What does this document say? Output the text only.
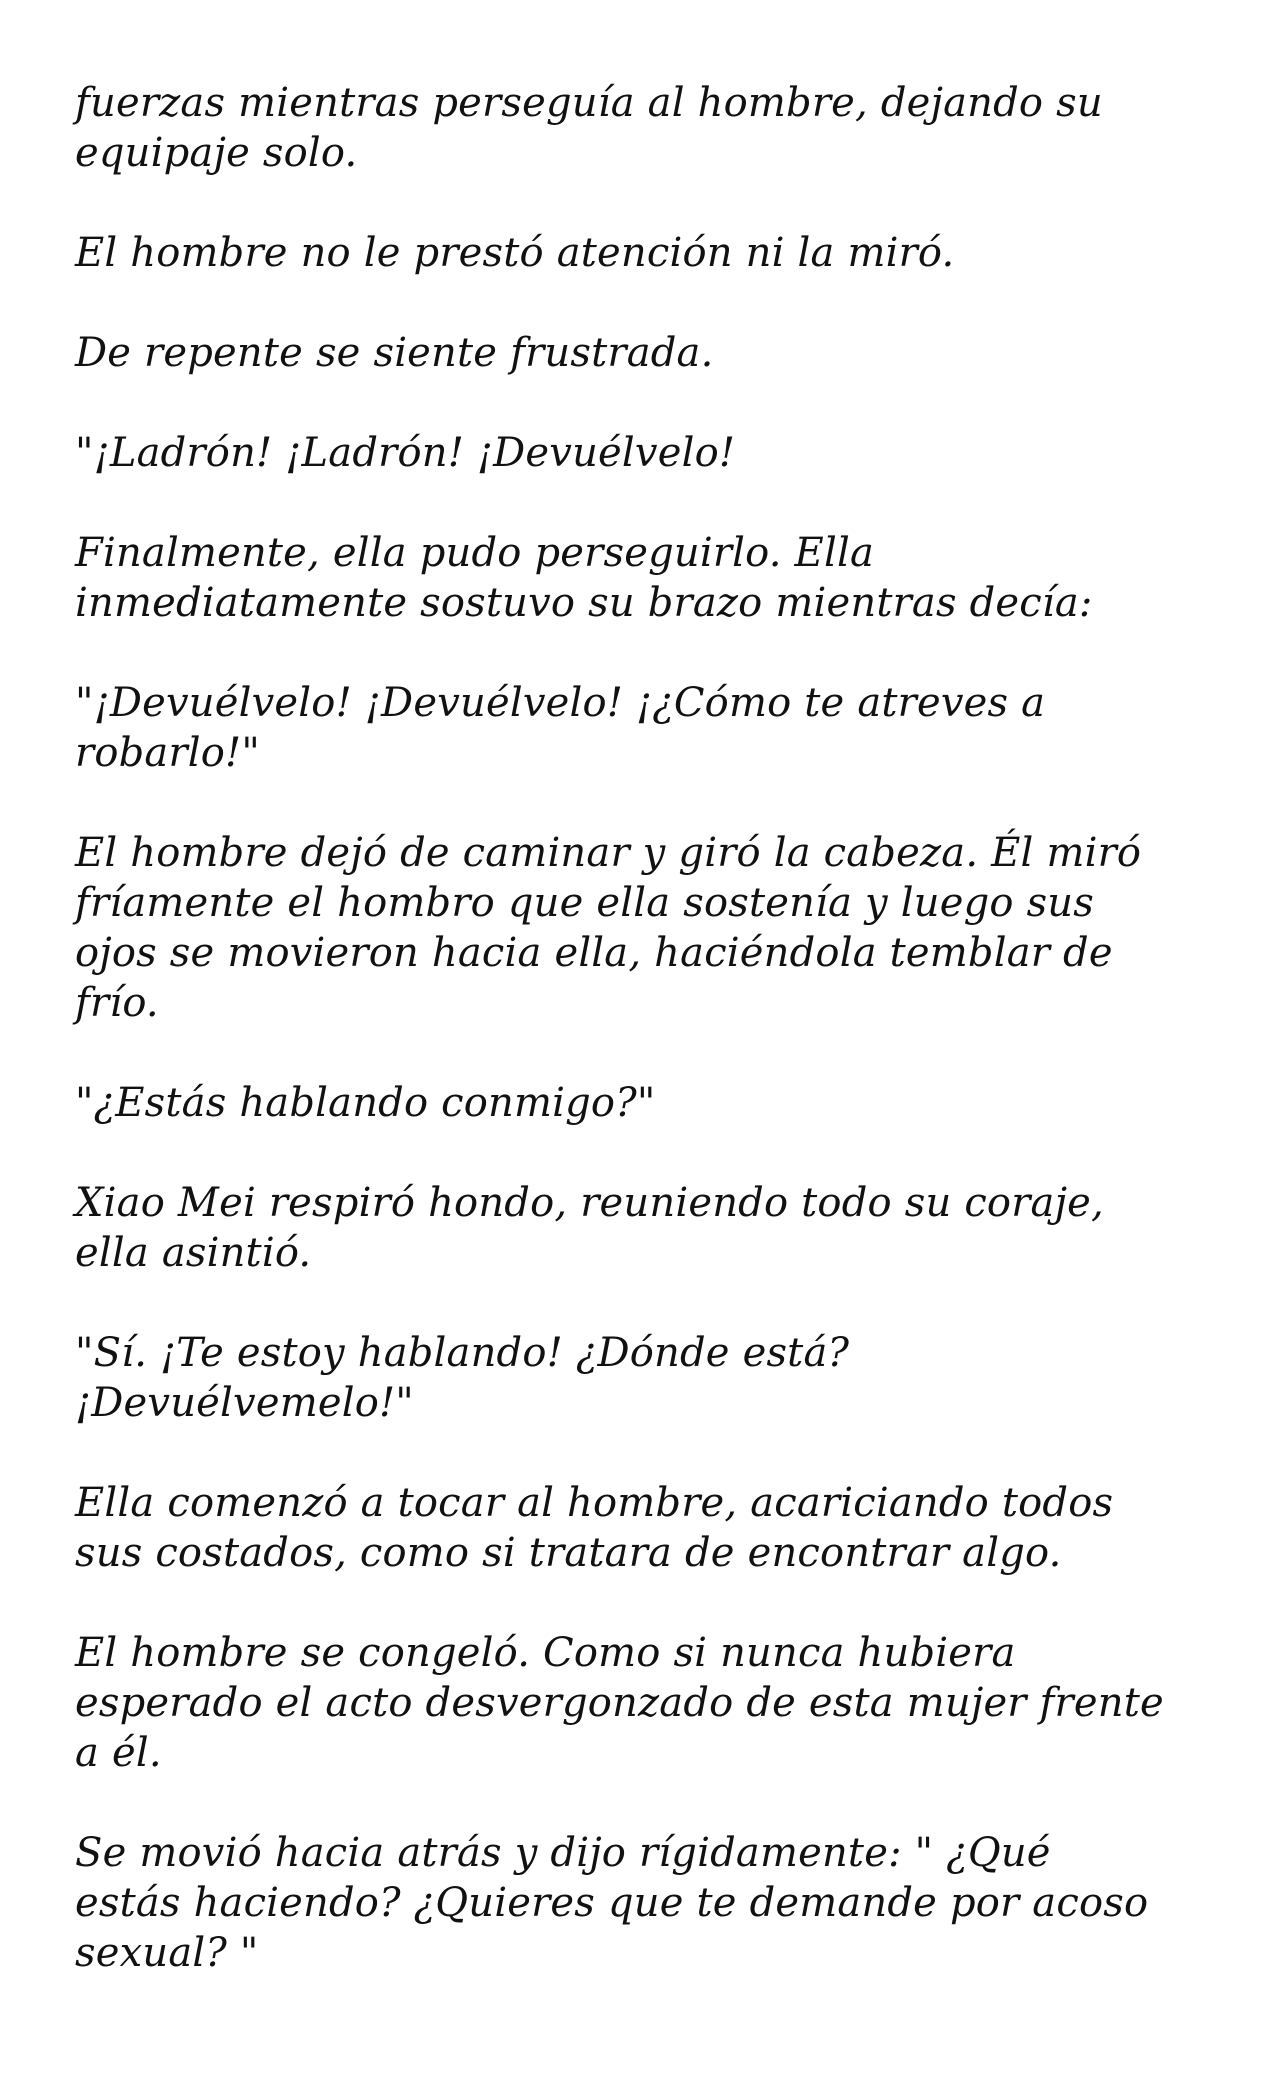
fuerzas mientras perseguía al hombre, dejando su
equipaje solo.

El hombre no le prestó atención ni la miró.

De repente se siente frustrada.

"¡Ladrón! ¡Ladrón! ¡Devuélvelo!

Finalmente, ella pudo perseguirlo. Ella
inmediatamente sostuvo su brazo mientras decía:

"¡Devuélvelo! ¡Devuélvelo! ¡¿Cómo te atreves a
robarlo!"

El hombre dejó de caminar y giró la cabeza. Él miró
fríamente el hombro que ella sostenía y luego sus
ojos se movieron hacia ella, haciéndola temblar de
frío.

"¿Estás hablando conmigo?"

Xiao Mei respiró hondo, reuniendo todo su coraje,
ella asintió.

"Sí. ¡Te estoy hablando! ¿Dónde está?
¡Devuélvemelo!"

Ella comenzó a tocar al hombre, acariciando todos
sus costados, como si tratara de encontrar algo.

El hombre se congeló. Como si nunca hubiera
esperado el acto desvergonzado de esta mujer frente
a él.

Se movió hacia atrás y dijo rígidamente: " ¿Qué
estás haciendo? ¿Quieres que te demande por acoso
sexual? "
